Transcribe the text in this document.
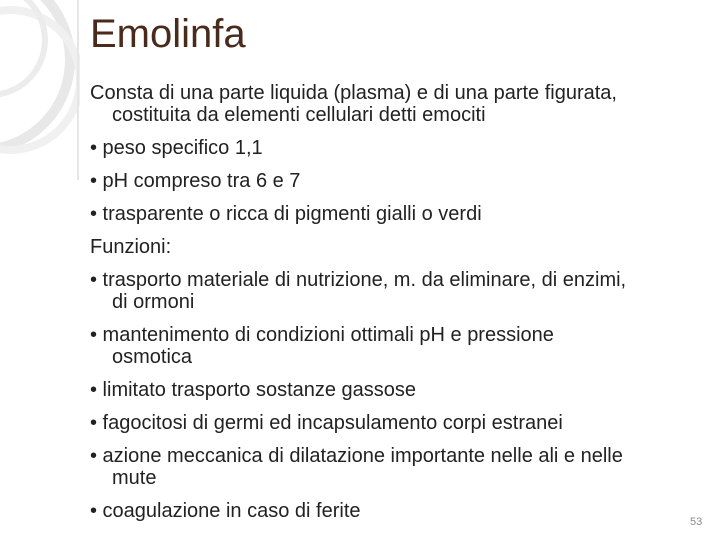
Emolinfa
Consta di una parte liquida (plasma) e di una parte figurata,
costituita da elementi cellulari detti emociti
• peso specifico 1,1
• pH compreso tra 6 e 7
• trasparente o ricca di pigmenti gialli o verdi
Funzioni:
• trasporto materiale di nutrizione, m. da eliminare, di enzimi,
di ormoni
• mantenimento di condizioni ottimali pH e pressione
osmotica
• limitato trasporto sostanze gassose
• fagocitosi di germi ed incapsulamento corpi estranei
• azione meccanica di dilatazione importante nelle ali e nelle
mute
• coagulazione in caso di ferite	53
